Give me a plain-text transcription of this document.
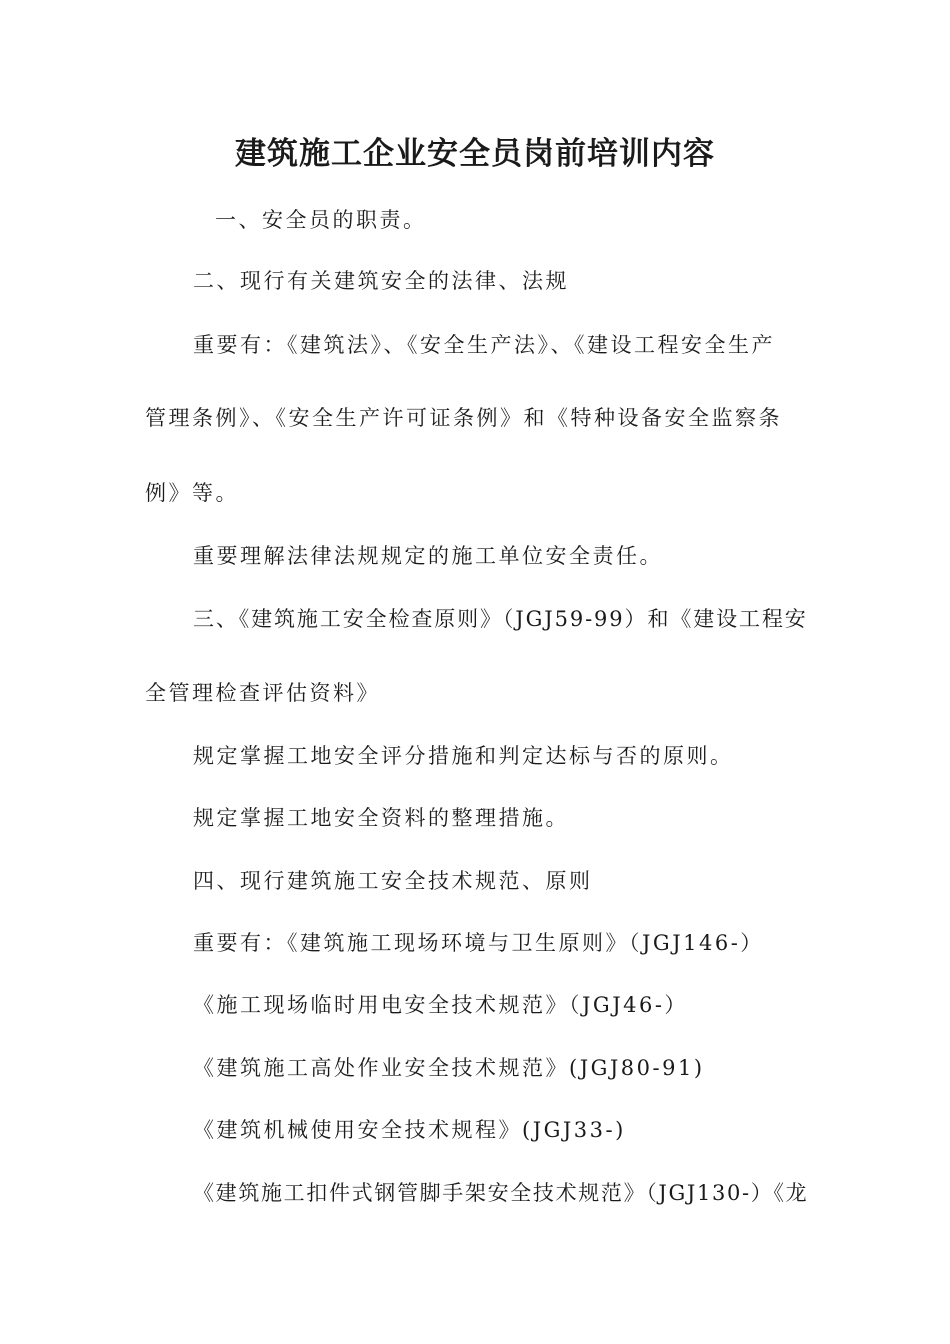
建筑施工企业安全员岗前培训内容
一、安全员的职责。
二、现行有关建筑安全的法律、法规
重要有：《建筑法》、《安全生产法》、《建设工程安全生产
管理条例》、《安全生产许可证条例》和《特种设备安全监察条
例》等。
重要理解法律法规规定的施工单位安全责任。
三、《建筑施工安全检查原则》（JGJ59-99）和《建设工程安
全管理检查评估资料》
规定掌握工地安全评分措施和判定达标与否的原则。
规定掌握工地安全资料的整理措施。
四、现行建筑施工安全技术规范、原则
重要有：《建筑施工现场环境与卫生原则》（JGJ146-）
《施工现场临时用电安全技术规范》（JGJ46-）
《建筑施工高处作业安全技术规范》(JGJ80-91)
《建筑机械使用安全技术规程》(JGJ33-)
《建筑施工扣件式钢管脚手架安全技术规范》（JGJ130-）《龙
